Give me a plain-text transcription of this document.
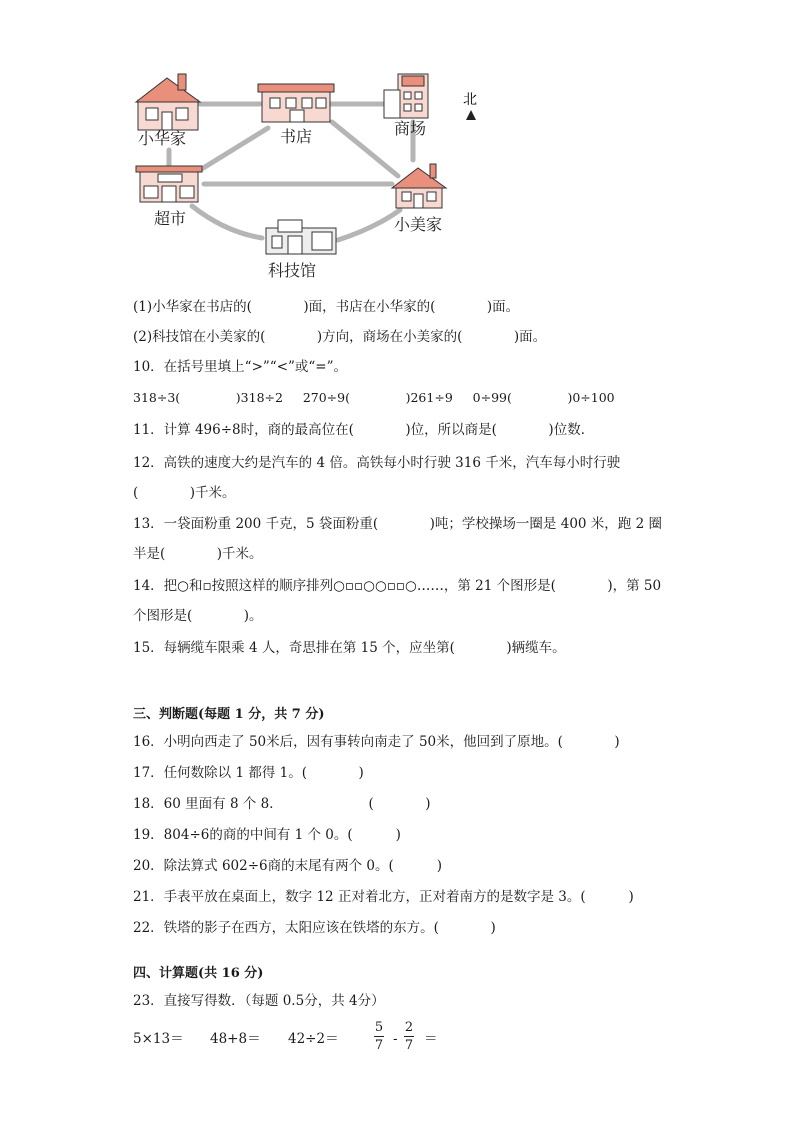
小华家	书店	商场
北
超市	小美家
科技馆
(1)小华家在书店的(            )面，书店在小华家的(            )面。
(2)科技馆在小美家的(            )方向，商场在小美家的(            )面。
10．在括号里填上“>”“<”或“=”。
318÷3(              )318÷2     270÷9(              )261÷9     0÷99(              )0÷100
11．计算 496÷8时，商的最高位在(            )位，所以商是(            )位数．
12．高铁的速度大约是汽车的 4 倍。高铁每小时行驶 316 千米，汽车每小时行驶
(            )千米。
13．一袋面粉重 200 千克，5 袋面粉重(            )吨；学校操场一圈是 400 米，跑 2 圈
半是(            )千米。
14．把○和▫按照这样的顺序排列○▫▫○○▫▫○……，第 21 个图形是(            )，第 50
个图形是(            )。
15．每辆缆车限乘 4 人，奇思排在第 15 个，应坐第(            )辆缆车。
三、判断题(每题 1 分，共 7 分)
16．小明向西走了 50米后，因有事转向南走了 50米，他回到了原地。(            )
17．任何数除以 1 都得 1。(            )
18．60 里面有 8 个 8．                    (            )
19．804÷6的商的中间有 1 个 0。(          )
20．除法算式 602÷6商的末尾有两个 0。(          )
21．手表平放在桌面上，数字 12 正对着北方，正对着南方的是数字是 3。(          )
22．铁塔的影子在西方，太阳应该在铁塔的东方。(            )
四、计算题(共 16 分)
23．直接写得数．（每题 0.5分，共 4分）
5×13＝ 48+8＝ 42÷2＝
5
7 -
2
7 ＝
